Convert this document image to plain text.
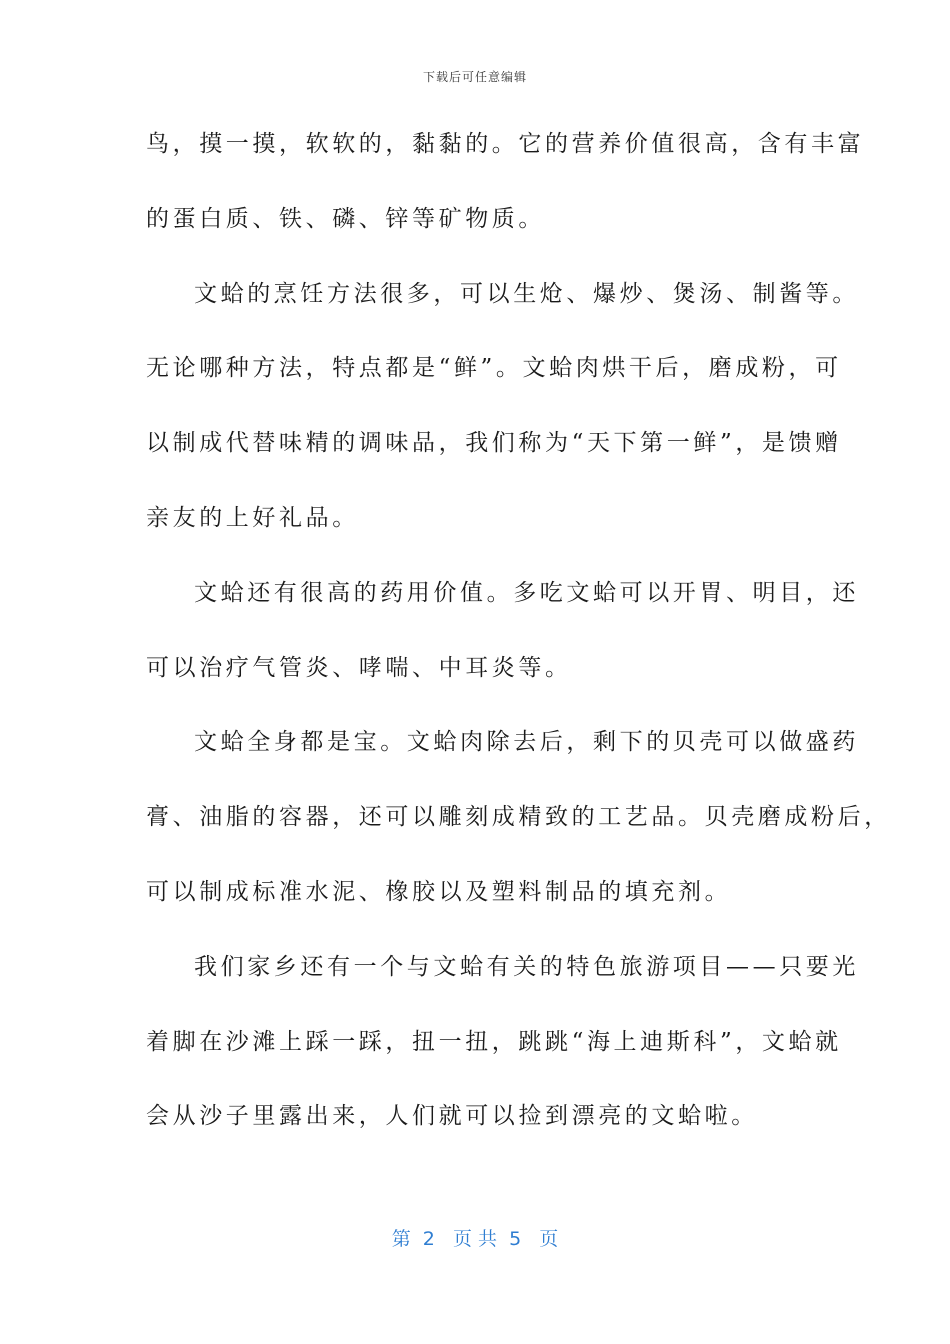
下载后可任意编辑
鸟，摸一摸，软软的，黏黏的。它的营养价值很高，含有丰富
的蛋白质、铁、磷、锌等矿物质。
文蛤的烹饪方法很多，可以生炝、爆炒、煲汤、制酱等。
无论哪种方法，特点都是“鲜”。文蛤肉烘干后，磨成粉，可
以制成代替味精的调味品，我们称为“天下第一鲜”，是馈赠
亲友的上好礼品。
文蛤还有很高的药用价值。多吃文蛤可以开胃、明目，还
可以治疗气管炎、哮喘、中耳炎等。
文蛤全身都是宝。文蛤肉除去后，剩下的贝壳可以做盛药
膏、油脂的容器，还可以雕刻成精致的工艺品。贝壳磨成粉后，
可以制成标准水泥、橡胶以及塑料制品的填充剂。
我们家乡还有一个与文蛤有关的特色旅游项目——只要光
着脚在沙滩上踩一踩，扭一扭，跳跳“海上迪斯科”，文蛤就
会从沙子里露出来，人们就可以捡到漂亮的文蛤啦。
第  2   页 共  5   页
